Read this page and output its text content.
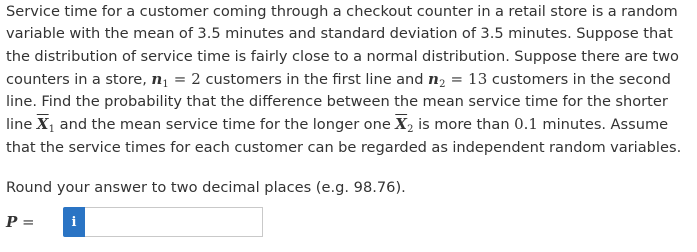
Service time for a customer coming through a checkout counter in a retail store is a random variable with the mean of 3.5 minutes and standard deviation of 3.5 minutes. Suppose that the distribution of service time is fairly close to a normal distribution. Suppose there are two counters in a store, $n_1 = 2$ customers in the first line and $n_2 = 13$ customers in the second line. Find the probability that the difference between the mean service time for the shorter line $\overline{X}_1$ and the mean service time for the longer one $\overline{X}_2$ is more than 0.1 minutes. Assume that the service times for each customer can be regarded as independent random variables.
Round your answer to two decimal places (e.g. 98.76).
P =	i
